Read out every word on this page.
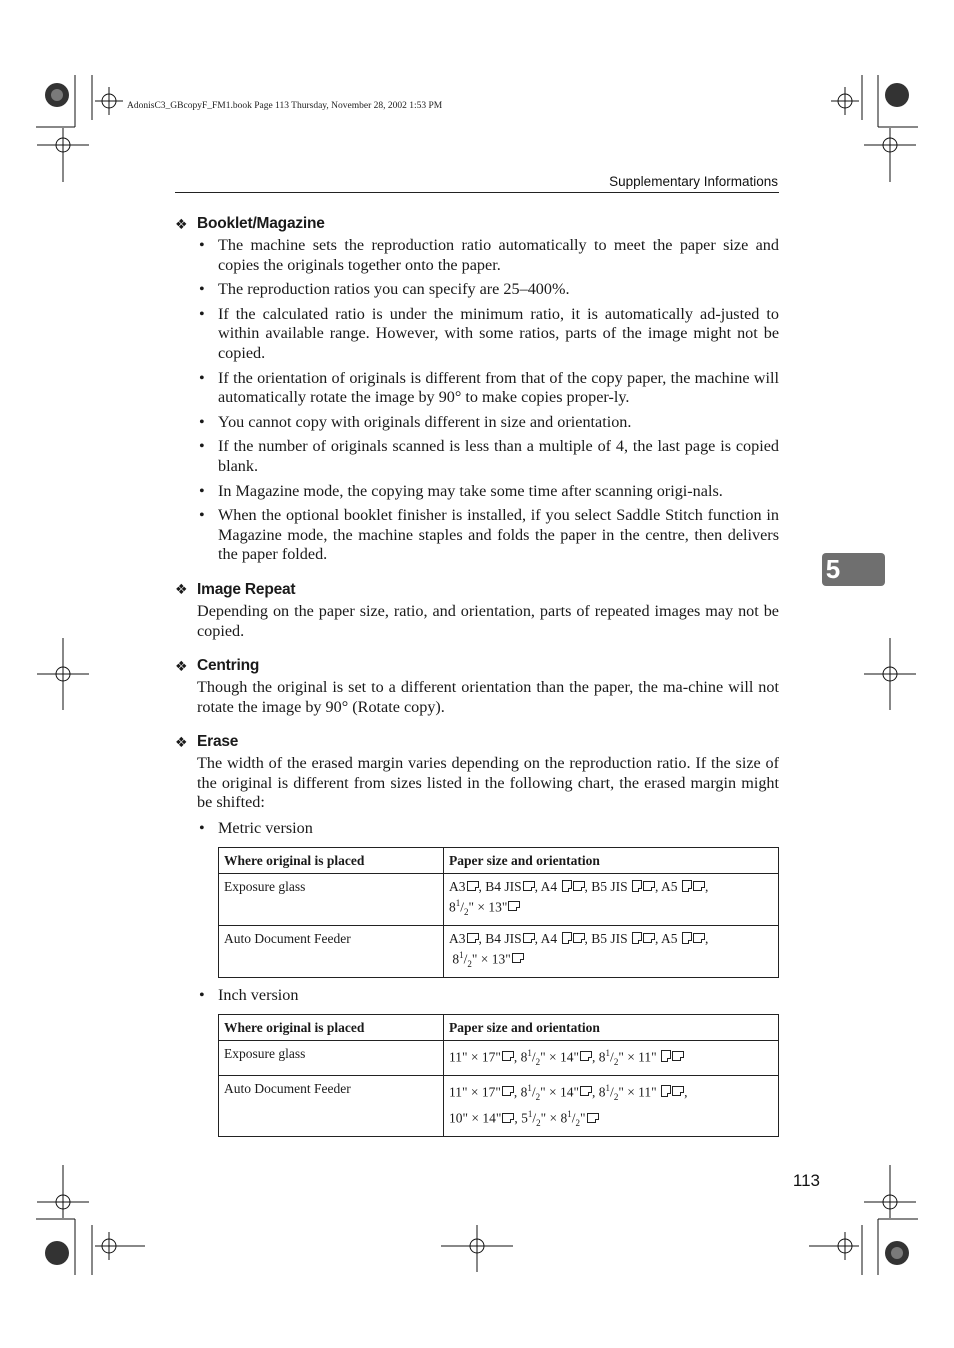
AdonisC3_GBcopyF_FM1.book Page 113 Thursday, November 28, 2002 1:53 PM
Supplementary Informations
5
113
❖ Booklet/Magazine
• The machine sets the reproduction ratio automatically to meet the paper size and copies the originals together onto the paper.
• The reproduction ratios you can specify are 25–400%.
• If the calculated ratio is under the minimum ratio, it is automatically ad-justed to within available range. However, with some ratios, parts of the image might not be copied.
• If the orientation of originals is different from that of the copy paper, the machine will automatically rotate the image by 90° to make copies proper-ly.
• You cannot copy with originals different in size and orientation.
• If the number of originals scanned is less than a multiple of 4, the last page is copied blank.
• In Magazine mode, the copying may take some time after scanning origi-nals.
• When the optional booklet finisher is installed, if you select Saddle Stitch function in Magazine mode, the machine staples and folds the paper in the centre, then delivers the paper folded.
❖ Image Repeat
Depending on the paper size, ratio, and orientation, parts of repeated images may not be copied.
❖ Centring
Though the original is set to a different orientation than the paper, the ma-chine will not rotate the image by 90° (Rotate copy).
❖ Erase
The width of the erased margin varies depending on the reproduction ratio. If the size of the original is different from sizes listed in the following chart, the erased margin might be shifted:
• Metric version
Where original is placed	Paper size and orientation
Exposure glass	A3 , B4 JIS , A4 , B5 JIS , A5 ,
$8^1/_2$" × 13"
Auto Document Feeder	A3 , B4 JIS , A4 , B5 JIS , A5 ,
$8^1/_2$" × 13"
• Inch version
Where original is placed	Paper size and orientation
Exposure glass	11" × 17" , $8^1/_2$" × 14" , $8^1/_2$" × 11"
Auto Document Feeder	11" × 17" , $8^1/_2$" × 14" , $8^1/_2$" × 11" ,
10" × 14" , $5^1/_2$" × $8^1/_2$"
